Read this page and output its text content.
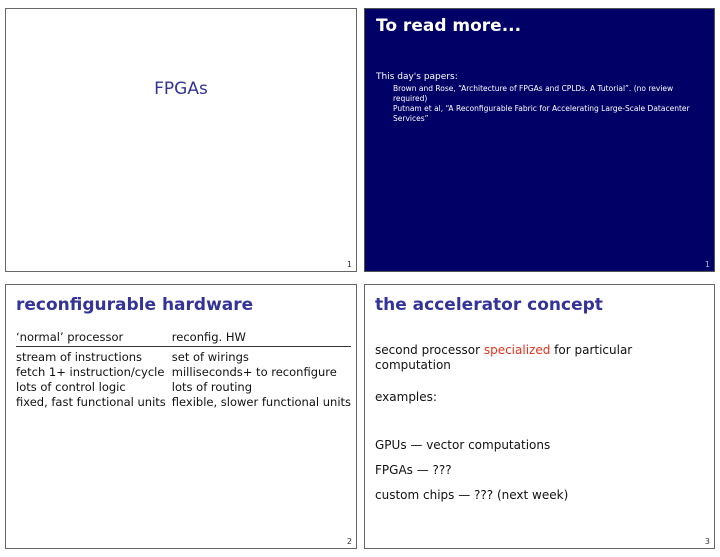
FPGAs
1
To read more...
This day's papers:
Brown and Rose, “Architecture of FPGAs and CPLDs. A Tutorial”. (no review required)
Putnam et al, “A Reconfigurable Fabric for Accelerating Large-Scale Datacenter Services”
1
reconfigurable hardware
‘normal’ processor	reconfig. HW
stream of instructions	set of wirings
fetch 1+ instruction/cycle	milliseconds+ to reconfigure
lots of control logic	lots of routing
fixed, fast functional units	flexible, slower functional units
2
the accelerator concept

second processor specialized for particular computation

examples:

GPUs — vector computations

FPGAs — ???

custom chips — ??? (next week)

3
